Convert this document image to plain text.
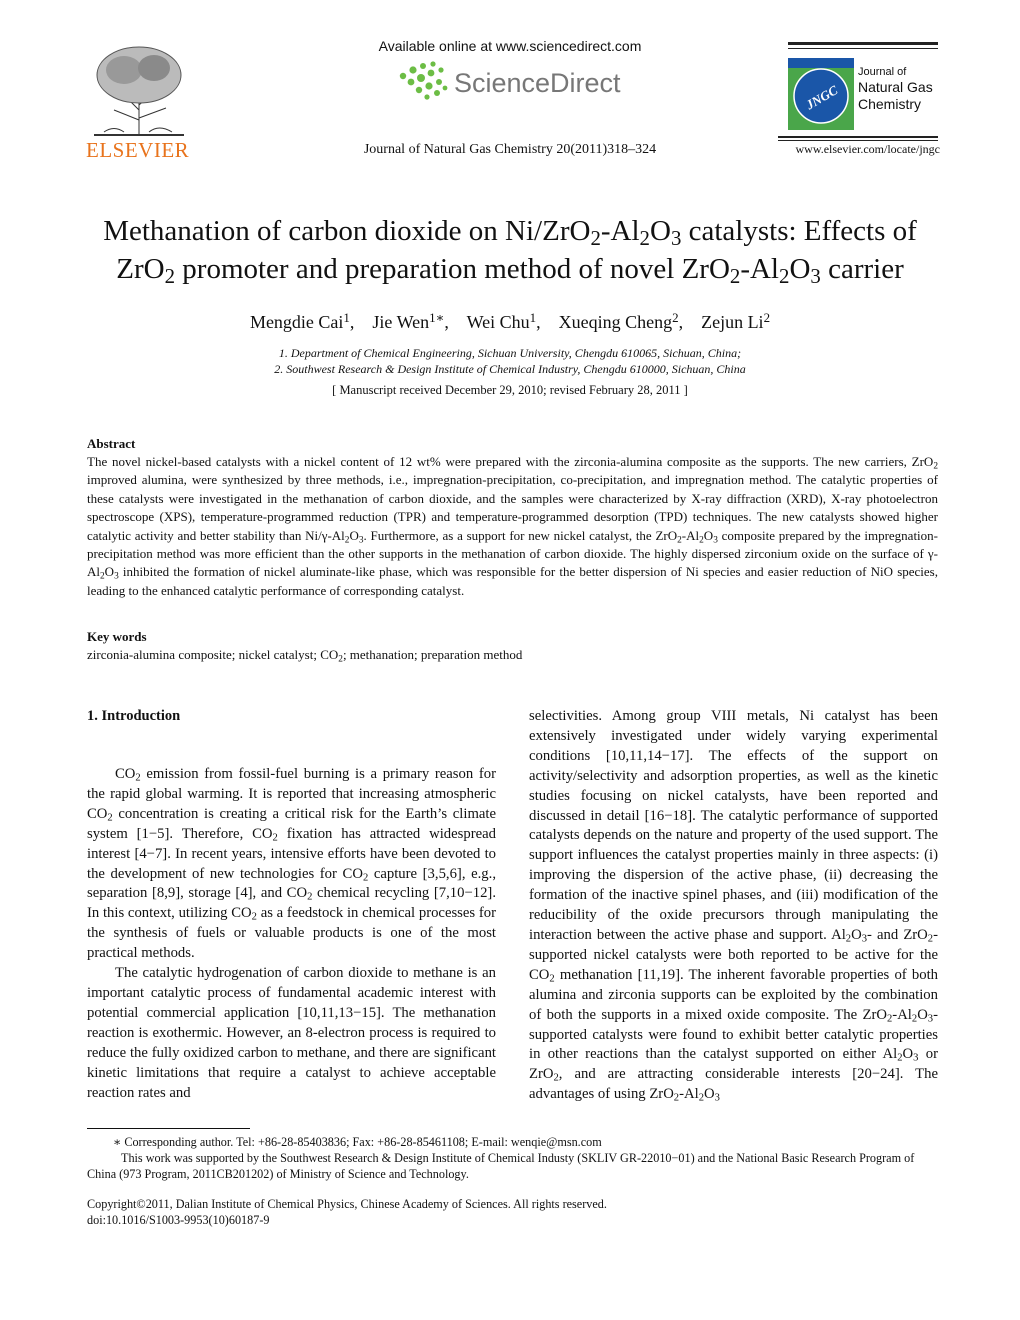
ELSEVIER
Available online at www.sciencedirect.com
ScienceDirect
Journal of Natural Gas Chemistry 20(2011)318–324
JNGC
Journal of
Natural Gas
Chemistry
www.elsevier.com/locate/jngc
Methanation of carbon dioxide on $Ni/ZrO_2-Al_2O_3$ catalysts: Effects of
ZrO$_2$ promoter and preparation method of novel $ZrO_2-Al_2O_3$ carrier
Mengdie Cai$^1$,    Jie Wen$^{1∗}$,    Wei Chu$^1$,    Xueqing Cheng$^2$,    Zejun Li$^2$
1. Department of Chemical Engineering, Sichuan University, Chengdu 610065, Sichuan, China;
2. Southwest Research & Design Institute of Chemical Industry, Chengdu 610000, Sichuan, China
[ Manuscript received December 29, 2010; revised February 28, 2011 ]
Abstract
The novel nickel-based catalysts with a nickel content of 12 wt% were prepared with the zirconia-alumina composite as the supports. The new carriers, ZrO$_2$ improved alumina, were synthesized by three methods, i.e., impregnation-precipitation, co-precipitation, and impregnation method. The catalytic properties of these catalysts were investigated in the methanation of carbon dioxide, and the samples were characterized by X-ray diffraction (XRD), X-ray photoelectron spectroscope (XPS), temperature-programmed reduction (TPR) and temperature-programmed desorption (TPD) techniques. The new catalysts showed higher catalytic activity and better stability than $Ni/\gamma-Al_2O_3$. Furthermore, as a support for new nickel catalyst, the $ZrO_2-Al_2O_3$ composite prepared by the impregnation-precipitation method was more efficient than the other supports in the methanation of carbon dioxide. The highly dispersed zirconium oxide on the surface of $\gamma-Al_2O_3$ inhibited the formation of nickel aluminate-like phase, which was responsible for the better dispersion of Ni species and easier reduction of NiO species, leading to the enhanced catalytic performance of corresponding catalyst.
Key words
zirconia-alumina composite; nickel catalyst; $CO_2$; methanation; preparation method
1. Introduction

$CO_2$ emission from fossil-fuel burning is a primary reason for the rapid global warming. It is reported that increasing atmospheric $CO_2$ concentration is creating a critical risk for the Earth’s climate system [1−5]. Therefore, $CO_2$ fixation has attracted widespread interest [4−7]. In recent years, intensive efforts have been devoted to the development of new technologies for $CO_2$ capture [3,5,6], e.g., separation [8,9], storage [4], and $CO_2$ chemical recycling [7,10−12]. In this context, utilizing $CO_2$ as a feedstock in chemical processes for the synthesis of fuels or valuable products is one of the most practical methods.

The catalytic hydrogenation of carbon dioxide to methane is an important catalytic process of fundamental academic interest with potential commercial application [10,11,13−15]. The methanation reaction is exothermic. However, an 8-electron process is required to reduce the fully oxidized carbon to methane, and there are significant kinetic limitations that require a catalyst to achieve acceptable reaction rates and

selectivities. Among group VIII metals, Ni catalyst has been extensively investigated under widely varying experimental conditions [10,11,14−17]. The effects of the support on activity/selectivity and adsorption properties, as well as the kinetic studies focusing on nickel catalysts, have been reported and discussed in detail [16−18]. The catalytic performance of supported catalysts depends on the nature and property of the used support. The support influences the catalyst properties mainly in three aspects: (i) improving the dispersion of the active phase, (ii) decreasing the formation of the inactive spinel phases, and (iii) modification of the reducibility of the oxide precursors through manipulating the interaction between the active phase and support. $Al_2O_3-$ and ZrO$_2$-supported nickel catalysts were both reported to be active for the $CO_2$ methanation [11,19]. The inherent favorable properties of both alumina and zirconia supports can be exploited by the combination of both the supports in a mixed oxide composite. The $ZrO_2-Al_2O_3$-supported catalysts were found to exhibit better catalytic properties in other reactions than the catalyst supported on either $Al_2O_3$ or ZrO$_2$, and are attracting considerable interests [20−24]. The advantages of using $ZrO_2-Al_2O_3$

∗ Corresponding author. Tel: +86-28-85403836; Fax: +86-28-85461108; E-mail: wenqie@msn.com

This work was supported by the Southwest Research & Design Institute of Chemical Industy (SKLIV GR-22010−01) and the National Basic Research Program of China (973 Program, 2011CB201202) of Ministry of Science and Technology.

Copyright©2011, Dalian Institute of Chemical Physics, Chinese Academy of Sciences. All rights reserved.
doi:10.1016/S1003-9953(10)60187-9
